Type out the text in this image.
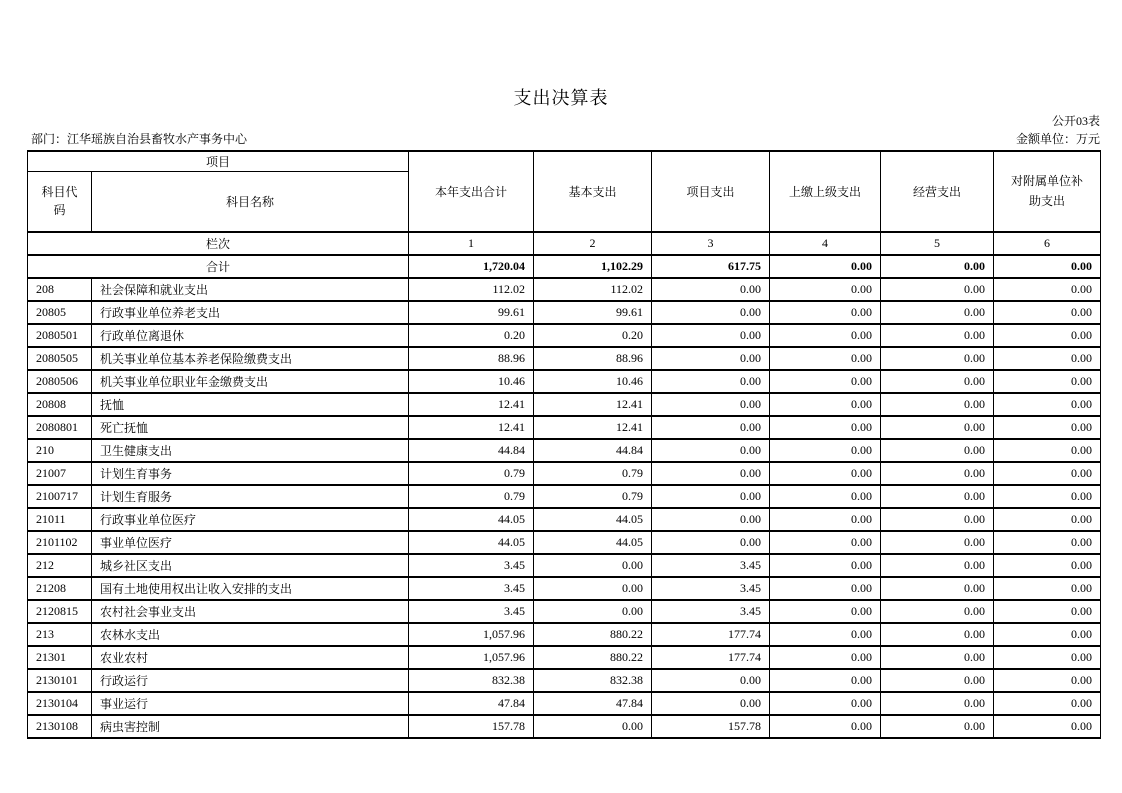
支出决算表
公开03表
部门：江华瑶族自治县畜牧水产事务中心	金额单位：万元
项目		本年支出合计	基本支出	项目支出	上缴上级支出	经营支出	对附属单位补助支出
科目代码	科目名称						
栏次		1	2	3	4	5	6
合计		1,720.04	1,102.29	617.75	0.00	0.00	0.00
208	社会保障和就业支出	112.02	112.02	0.00	0.00	0.00	0.00
20805	行政事业单位养老支出	99.61	99.61	0.00	0.00	0.00	0.00
2080501	行政单位离退休	0.20	0.20	0.00	0.00	0.00	0.00
2080505	机关事业单位基本养老保险缴费支出	88.96	88.96	0.00	0.00	0.00	0.00
2080506	机关事业单位职业年金缴费支出	10.46	10.46	0.00	0.00	0.00	0.00
20808	抚恤	12.41	12.41	0.00	0.00	0.00	0.00
2080801	死亡抚恤	12.41	12.41	0.00	0.00	0.00	0.00
210	卫生健康支出	44.84	44.84	0.00	0.00	0.00	0.00
21007	计划生育事务	0.79	0.79	0.00	0.00	0.00	0.00
2100717	计划生育服务	0.79	0.79	0.00	0.00	0.00	0.00
21011	行政事业单位医疗	44.05	44.05	0.00	0.00	0.00	0.00
2101102	事业单位医疗	44.05	44.05	0.00	0.00	0.00	0.00
212	城乡社区支出	3.45	0.00	3.45	0.00	0.00	0.00
21208	国有土地使用权出让收入安排的支出	3.45	0.00	3.45	0.00	0.00	0.00
2120815	农村社会事业支出	3.45	0.00	3.45	0.00	0.00	0.00
213	农林水支出	1,057.96	880.22	177.74	0.00	0.00	0.00
21301	农业农村	1,057.96	880.22	177.74	0.00	0.00	0.00
2130101	行政运行	832.38	832.38	0.00	0.00	0.00	0.00
2130104	事业运行	47.84	47.84	0.00	0.00	0.00	0.00
2130108	病虫害控制	157.78	0.00	157.78	0.00	0.00	0.00
